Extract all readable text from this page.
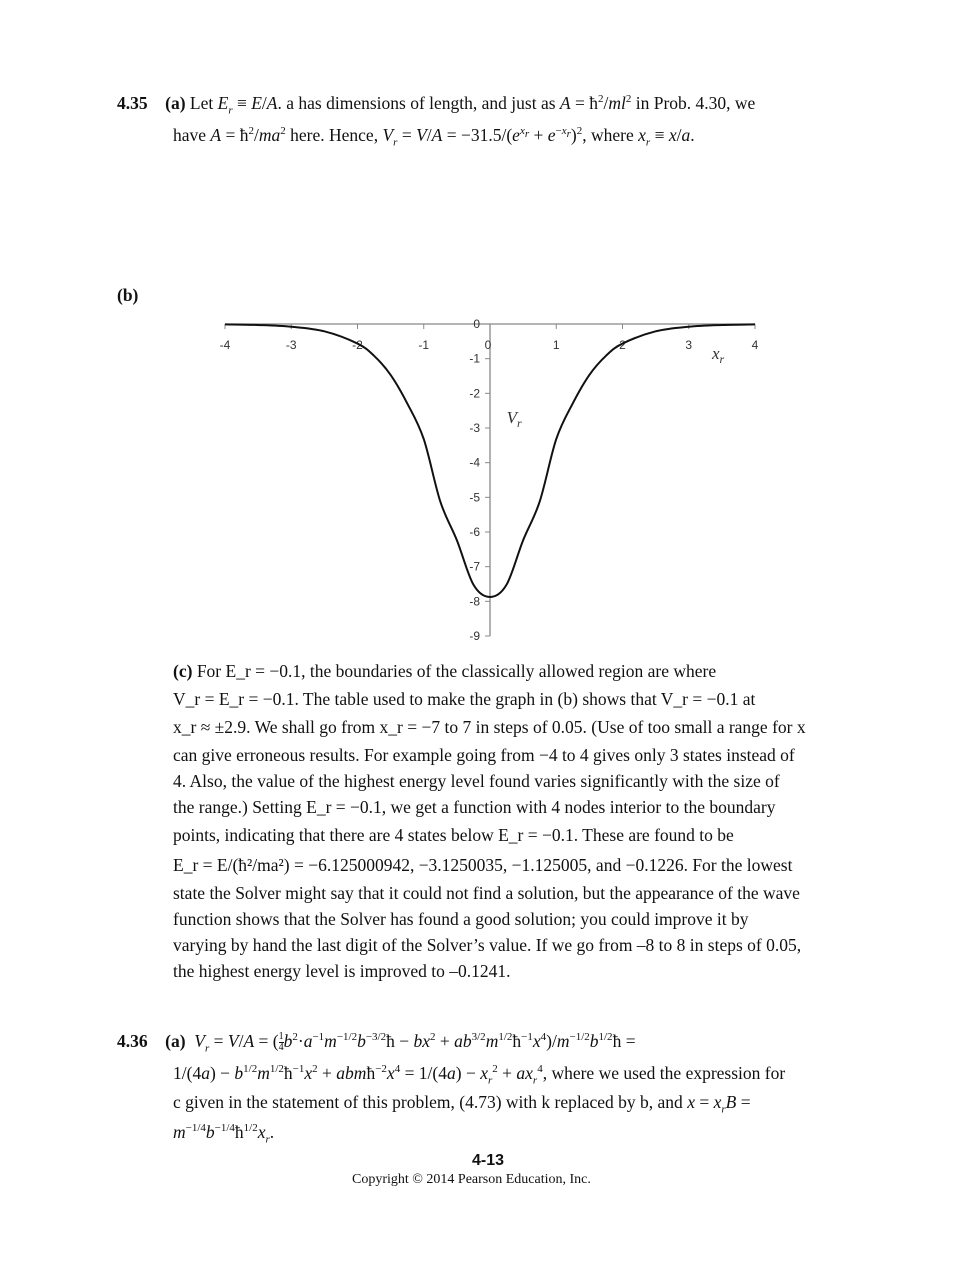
4.35 (a) Let $E_r \equiv E/A$. a has dimensions of length, and just as $A = ħ^2/ml^2$ in Prob. 4.30, we
have $A = ħ^2/ma^2$ here. Hence, $V_r = V/A = -31.5/(e^{x_r} + e^{-x_r})^2$, where $x_r \equiv x/a$.
(b)
-4	-3	-2	-1	1	2	3	4
0
-1
-2
-3
-4
-5
-6
-7
-8
-9
0	$x_r$
$V_r$
(c) For E_r = −0.1, the boundaries of the classically allowed region are where
V_r = E_r = −0.1. The table used to make the graph in (b) shows that V_r = −0.1 at
x_r ≈ ±2.9. We shall go from x_r = −7 to 7 in steps of 0.05. (Use of too small a range for x
can give erroneous results. For example going from −4 to 4 gives only 3 states instead of
4. Also, the value of the highest energy level found varies significantly with the size of
the range.) Setting E_r = −0.1, we get a function with 4 nodes interior to the boundary
points, indicating that there are 4 states below E_r = −0.1. These are found to be
E_r = E/(ħ²/ma²) = −6.125000942, −3.1250035, −1.125005, and −0.1226. For the lowest
state the Solver might say that it could not find a solution, but the appearance of the wave
function shows that the Solver has found a good solution; you could improve it by
varying by hand the last digit of the Solver’s value. If we go from –8 to 8 in steps of 0.05,
the highest energy level is improved to –0.1241.
4.36 (a) $V_r = V/A$ = ( $\frac{1}{4}$ $b^2\cdot a^{-1}m^{-1/2}b^{-3/2}ħ - bx^2$ + $ab^{3/2}m^{1/2}ħ^{-1}x^4)/m^{-1/2}b^{1/2}ħ$ =
$1/(4a) - b^{1/2}m^{1/2}ħ^{-1}x^2$ + $abmħ^{-2}x^4 = 1/(4a) - x_r^2 + ax_r^4$, where we used the expression for
c given in the statement of this problem, (4.73) with k replaced by b, and $x = x_rB$ =
$m^{-1/4}b^{-1/4}ħ^{1/2}x_r$.
4-13
Copyright © 2014 Pearson Education, Inc.
